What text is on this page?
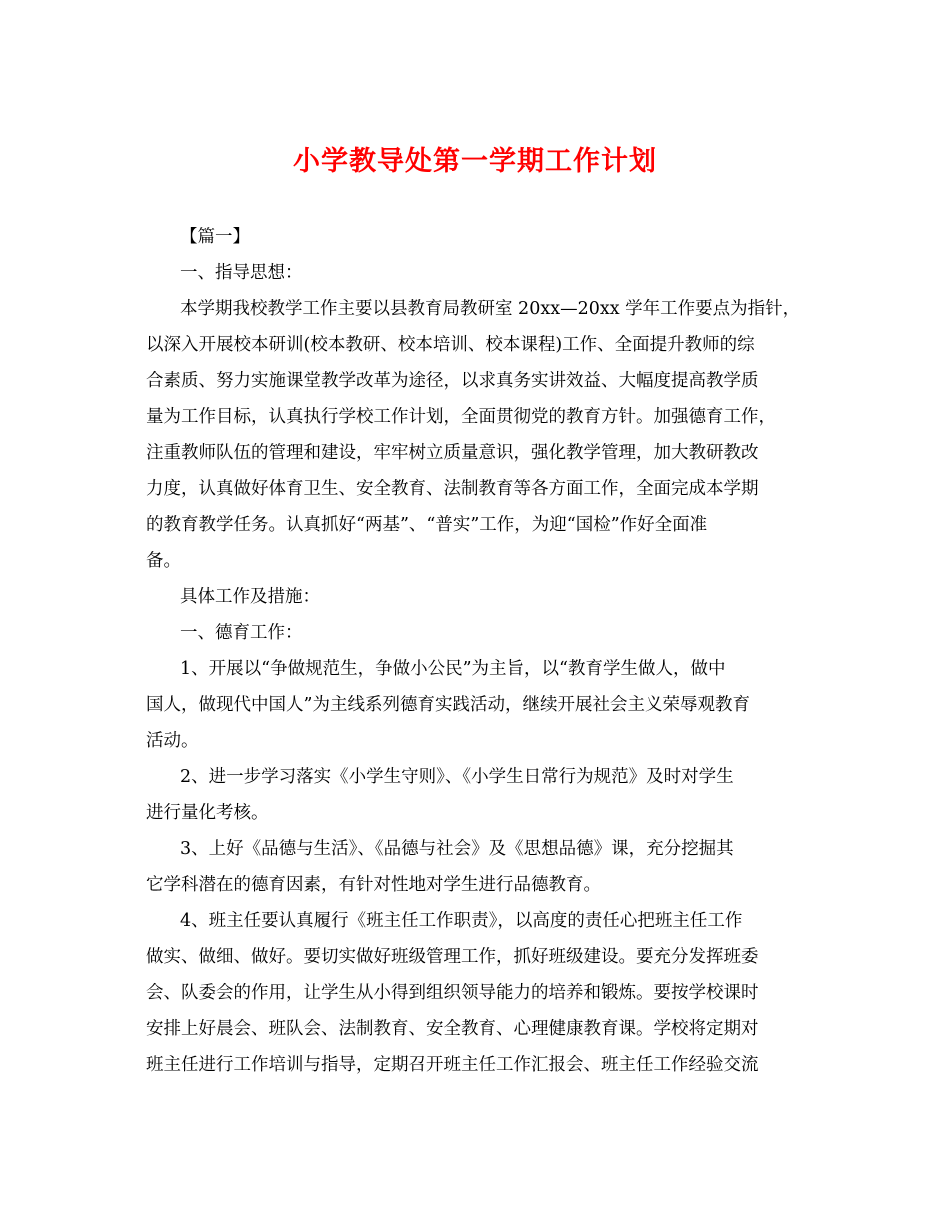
小学教导处第一学期工作计划

【篇一】

一、指导思想：

本学期我校教学工作主要以县教育局教研室 20xx—20xx 学年工作要点为指针，

以深入开展校本研训(校本教研、校本培训、校本课程)工作、全面提升教师的综

合素质、努力实施课堂教学改革为途径，以求真务实讲效益、大幅度提高教学质

量为工作目标，认真执行学校工作计划，全面贯彻党的教育方针。加强德育工作，

注重教师队伍的管理和建设，牢牢树立质量意识，强化教学管理，加大教研教改

力度，认真做好体育卫生、安全教育、法制教育等各方面工作，全面完成本学期

的教育教学任务。认真抓好“两基”、“普实”工作，为迎“国检”作好全面准

备。

具体工作及措施：

一、德育工作：

1、开展以“争做规范生，争做小公民”为主旨，以“教育学生做人，做中

国人，做现代中国人”为主线系列德育实践活动，继续开展社会主义荣辱观教育

活动。

2、进一步学习落实《小学生守则》、《小学生日常行为规范》及时对学生

进行量化考核。

3、上好《品德与生活》、《品德与社会》及《思想品德》课，充分挖掘其

它学科潜在的德育因素，有针对性地对学生进行品德教育。

4、班主任要认真履行《班主任工作职责》，以高度的责任心把班主任工作

做实、做细、做好。要切实做好班级管理工作，抓好班级建设。要充分发挥班委

会、队委会的作用，让学生从小得到组织领导能力的培养和锻炼。要按学校课时

安排上好晨会、班队会、法制教育、安全教育、心理健康教育课。学校将定期对

班主任进行工作培训与指导，定期召开班主任工作汇报会、班主任工作经验交流
